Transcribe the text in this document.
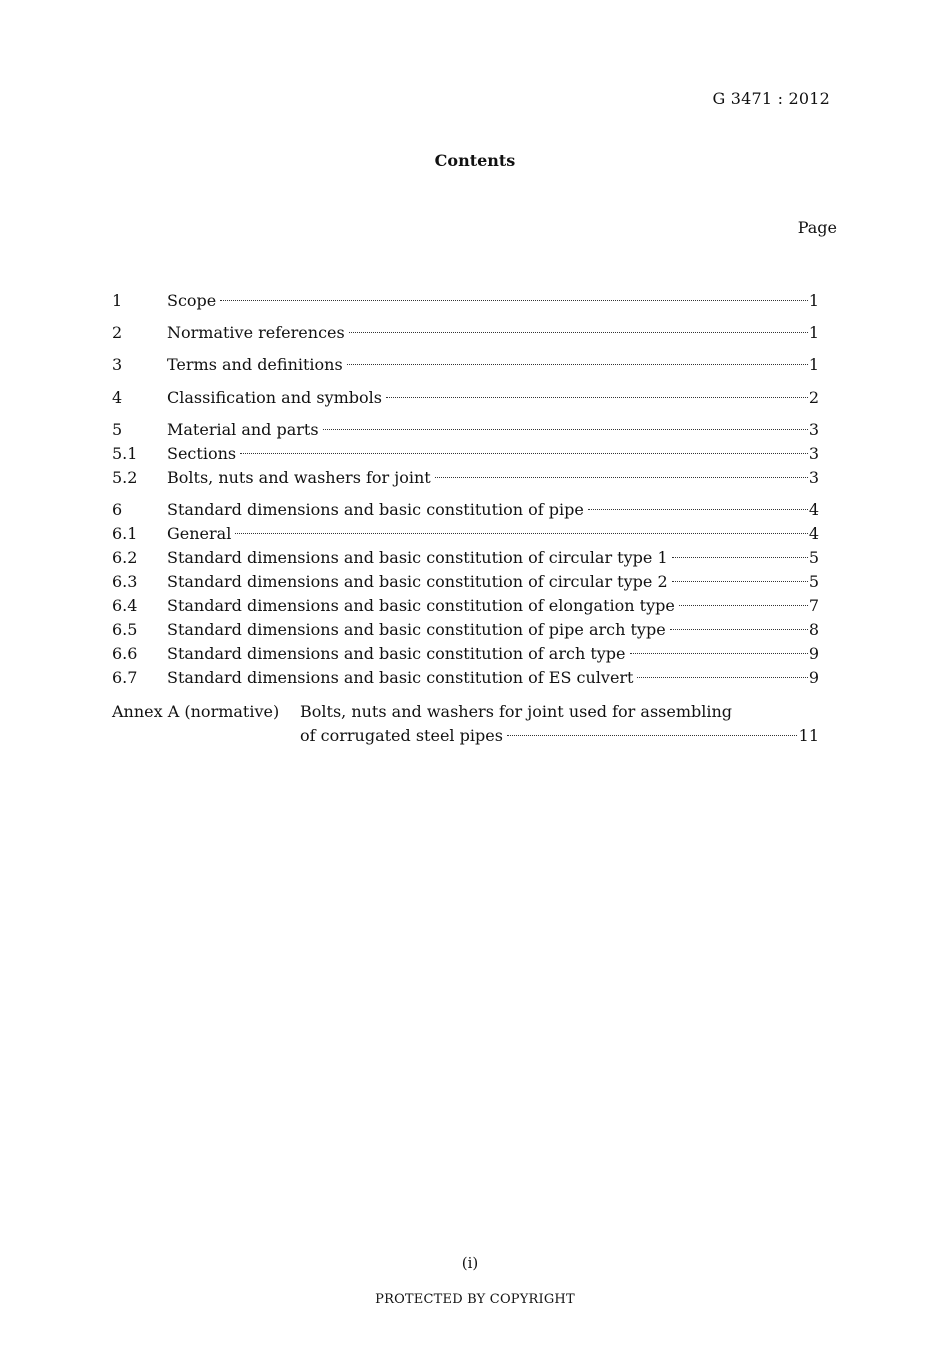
G 3471 : 2012
Contents
Page
1	Scope	1
2	Normative references	1
3	Terms and definitions	1
4	Classification and symbols	2
5	Material and parts	3
5.1	Sections	3
5.2	Bolts, nuts and washers for joint	3
6	Standard dimensions and basic constitution of pipe	4
6.1	General	4
6.2	Standard dimensions and basic constitution of circular type 1	5
6.3	Standard dimensions and basic constitution of circular type 2	5
6.4	Standard dimensions and basic constitution of elongation type	7
6.5	Standard dimensions and basic constitution of pipe arch type	8
6.6	Standard dimensions and basic constitution of arch type	9
6.7	Standard dimensions and basic constitution of ES culvert	9
Annex A (normative) Bolts, nuts and washers for joint used for assembling
of corrugated steel pipes	11
(i)
PROTECTED BY COPYRIGHT
